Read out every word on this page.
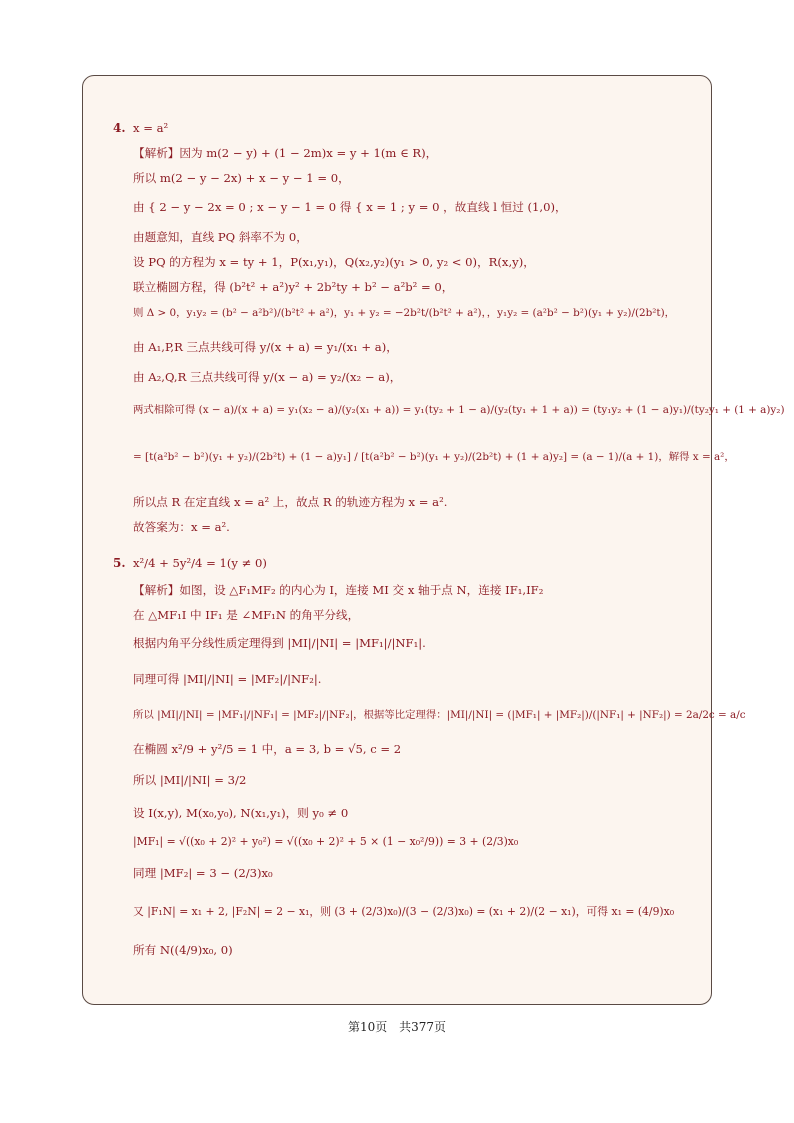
4. x = a²
【解析】因为 m(2 − y) + (1 − 2m)x = y + 1(m ∈ R)，
所以 m(2 − y − 2x) + x − y − 1 = 0，
由 { 2 − y − 2x = 0 ; x − y − 1 = 0 得 { x = 1 ; y = 0 ，故直线 l 恒过 (1,0)，
由题意知，直线 PQ 斜率不为 0，
设 PQ 的方程为 x = ty + 1，P(x₁,y₁)，Q(x₂,y₂)(y₁ > 0, y₂ < 0)，R(x,y)，
联立椭圆方程，得 (b²t² + a²)y² + 2b²ty + b² − a²b² = 0，
则 Δ > 0，y₁y₂ = (b² − a²b²)/(b²t² + a²)，y₁ + y₂ = −2b²t/(b²t² + a²)，，y₁y₂ = (a²b² − b²)(y₁ + y₂)/(2b²t)，
由 A₁,P,R 三点共线可得 y/(x + a) = y₁/(x₁ + a)，
由 A₂,Q,R 三点共线可得 y/(x − a) = y₂/(x₂ − a)，
两式相除可得 (x − a)/(x + a) = y₁(x₂ − a)/(y₂(x₁ + a)) = y₁(ty₂ + 1 − a)/(y₂(ty₁ + 1 + a)) = (ty₁y₂ + (1 − a)y₁)/(ty₂y₁ + (1 + a)y₂)
= [t(a²b² − b²)(y₁ + y₂)/(2b²t) + (1 − a)y₁] / [t(a²b² − b²)(y₁ + y₂)/(2b²t) + (1 + a)y₂] = (a − 1)/(a + 1)，解得 x = a²，
所以点 R 在定直线 x = a² 上，故点 R 的轨迹方程为 x = a².
故答案为：x = a².
5. x²/4 + 5y²/4 = 1(y ≠ 0)
【解析】如图，设 △F₁MF₂ 的内心为 I，连接 MI 交 x 轴于点 N，连接 IF₁,IF₂
在 △MF₁I 中 IF₁ 是 ∠MF₁N 的角平分线，
根据内角平分线性质定理得到 |MI|/|NI| = |MF₁|/|NF₁|.
同理可得 |MI|/|NI| = |MF₂|/|NF₂|.
所以 |MI|/|NI| = |MF₁|/|NF₁| = |MF₂|/|NF₂|，根据等比定理得：|MI|/|NI| = (|MF₁| + |MF₂|)/(|NF₁| + |NF₂|) = 2a/2c = a/c
在椭圆 x²/9 + y²/5 = 1 中，a = 3, b = √5, c = 2
所以 |MI|/|NI| = 3/2
设 I(x,y), M(x₀,y₀), N(x₁,y₁)，则 y₀ ≠ 0
|MF₁| = √((x₀ + 2)² + y₀²) = √((x₀ + 2)² + 5 × (1 − x₀²/9)) = 3 + (2/3)x₀
同理 |MF₂| = 3 − (2/3)x₀
又 |F₁N| = x₁ + 2, |F₂N| = 2 − x₁，则 (3 + (2/3)x₀)/(3 − (2/3)x₀) = (x₁ + 2)/(2 − x₁)，可得 x₁ = (4/9)x₀
所有 N((4/9)x₀, 0)
第10页 共377页
